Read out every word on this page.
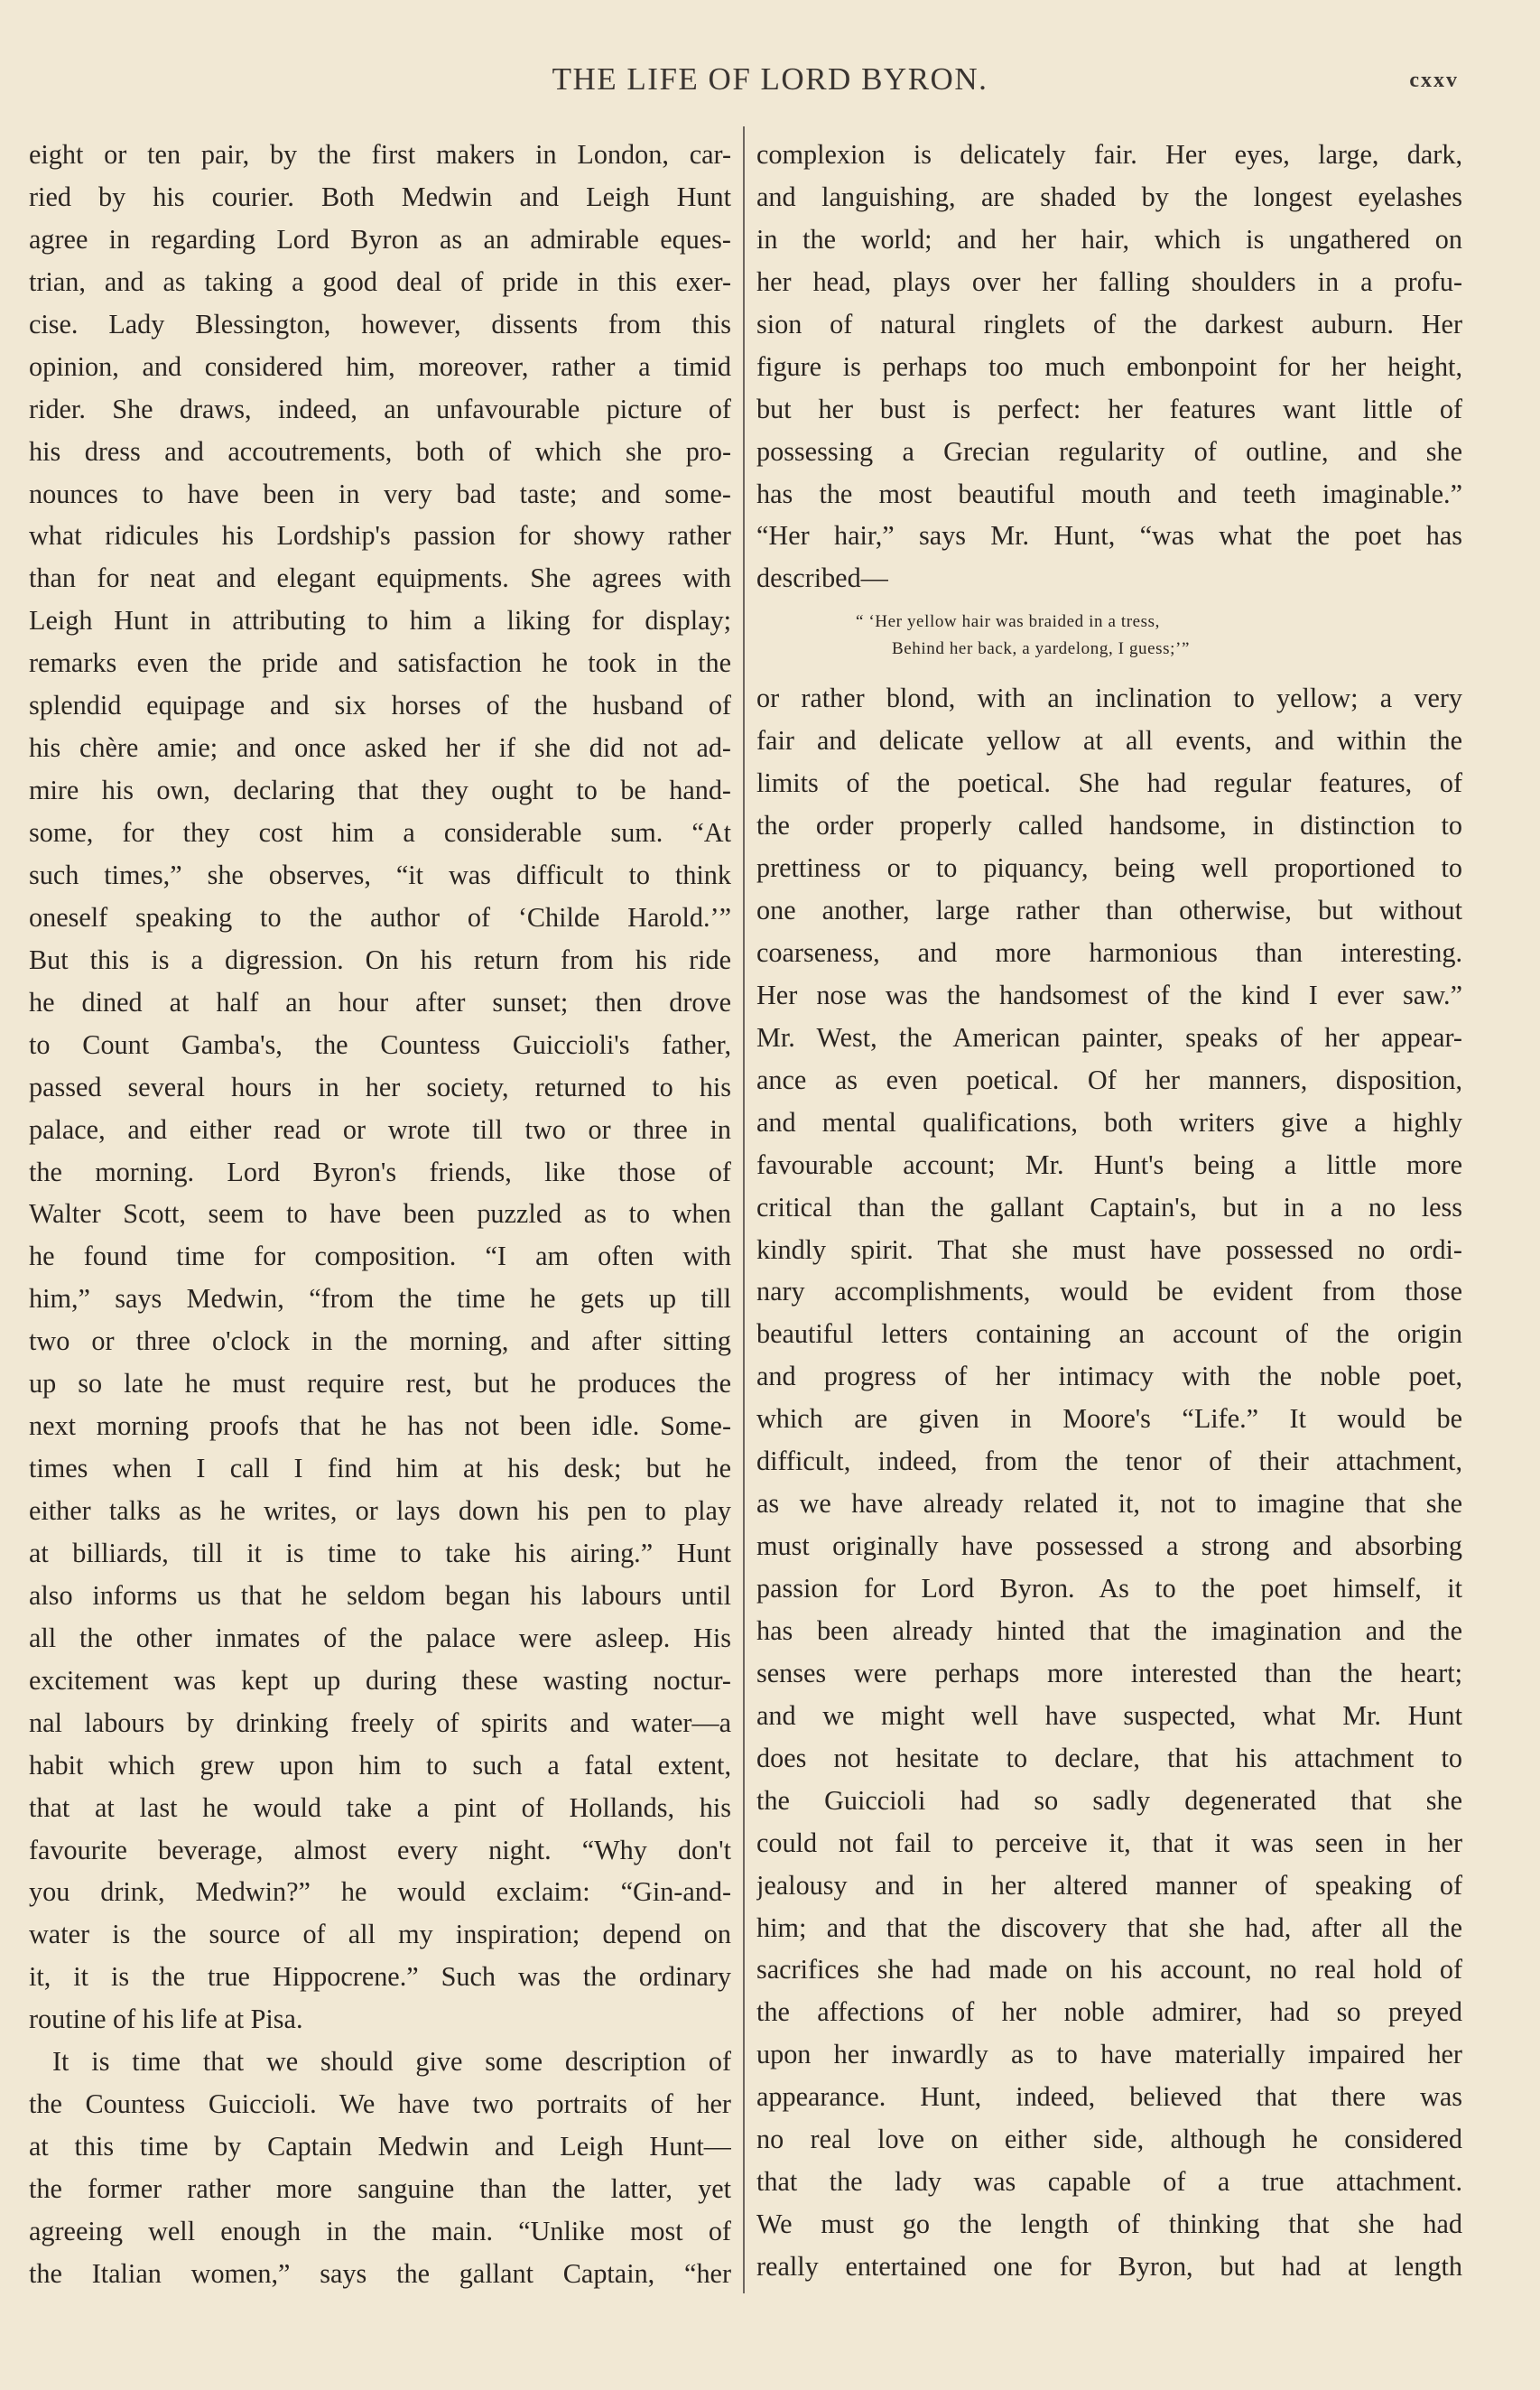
THE LIFE OF LORD BYRON.	cxxv
eight or ten pair, by the first makers in London, car-
ried by his courier. Both Medwin and Leigh Hunt
agree in regarding Lord Byron as an admirable eques-
trian, and as taking a good deal of pride in this exer-
cise. Lady Blessington, however, dissents from this
opinion, and considered him, moreover, rather a timid
rider. She draws, indeed, an unfavourable picture of
his dress and accoutrements, both of which she pro-
nounces to have been in very bad taste; and some-
what ridicules his Lordship's passion for showy rather
than for neat and elegant equipments. She agrees with
Leigh Hunt in attributing to him a liking for display;
remarks even the pride and satisfaction he took in the
splendid equipage and six horses of the husband of
his chère amie; and once asked her if she did not ad-
mire his own, declaring that they ought to be hand-
some, for they cost him a considerable sum. “At
such times,” she observes, “it was difficult to think
oneself speaking to the author of ‘Childe Harold.’”
But this is a digression. On his return from his ride
he dined at half an hour after sunset; then drove
to Count Gamba's, the Countess Guiccioli's father,
passed several hours in her society, returned to his
palace, and either read or wrote till two or three in
the morning. Lord Byron's friends, like those of
Walter Scott, seem to have been puzzled as to when
he found time for composition. “I am often with
him,” says Medwin, “from the time he gets up till
two or three o'clock in the morning, and after sitting
up so late he must require rest, but he produces the
next morning proofs that he has not been idle. Some-
times when I call I find him at his desk; but he
either talks as he writes, or lays down his pen to play
at billiards, till it is time to take his airing.” Hunt
also informs us that he seldom began his labours until
all the other inmates of the palace were asleep. His
excitement was kept up during these wasting noctur-
nal labours by drinking freely of spirits and water—a
habit which grew upon him to such a fatal extent,
that at last he would take a pint of Hollands, his
favourite beverage, almost every night. “Why don't
you drink, Medwin?” he would exclaim: “Gin-and-
water is the source of all my inspiration; depend on
it, it is the true Hippocrene.” Such was the ordinary
routine of his life at Pisa.
It is time that we should give some description of
the Countess Guiccioli. We have two portraits of her
at this time by Captain Medwin and Leigh Hunt—
the former rather more sanguine than the latter, yet
agreeing well enough in the main. “Unlike most of
the Italian women,” says the gallant Captain, “her
complexion is delicately fair. Her eyes, large, dark,
and languishing, are shaded by the longest eyelashes
in the world; and her hair, which is ungathered on
her head, plays over her falling shoulders in a profu-
sion of natural ringlets of the darkest auburn. Her
figure is perhaps too much embonpoint for her height,
but her bust is perfect: her features want little of
possessing a Grecian regularity of outline, and she
has the most beautiful mouth and teeth imaginable.”
“Her hair,” says Mr. Hunt, “was what the poet has
described—
“ ‘Her yellow hair was braided in a tress,
Behind her back, a yardelong, I guess;’”
or rather blond, with an inclination to yellow; a very
fair and delicate yellow at all events, and within the
limits of the poetical. She had regular features, of
the order properly called handsome, in distinction to
prettiness or to piquancy, being well proportioned to
one another, large rather than otherwise, but without
coarseness, and more harmonious than interesting.
Her nose was the handsomest of the kind I ever saw.”
Mr. West, the American painter, speaks of her appear-
ance as even poetical. Of her manners, disposition,
and mental qualifications, both writers give a highly
favourable account; Mr. Hunt's being a little more
critical than the gallant Captain's, but in a no less
kindly spirit. That she must have possessed no ordi-
nary accomplishments, would be evident from those
beautiful letters containing an account of the origin
and progress of her intimacy with the noble poet,
which are given in Moore's “Life.” It would be
difficult, indeed, from the tenor of their attachment,
as we have already related it, not to imagine that she
must originally have possessed a strong and absorbing
passion for Lord Byron. As to the poet himself, it
has been already hinted that the imagination and the
senses were perhaps more interested than the heart;
and we might well have suspected, what Mr. Hunt
does not hesitate to declare, that his attachment to
the Guiccioli had so sadly degenerated that she
could not fail to perceive it, that it was seen in her
jealousy and in her altered manner of speaking of
him; and that the discovery that she had, after all the
sacrifices she had made on his account, no real hold of
the affections of her noble admirer, had so preyed
upon her inwardly as to have materially impaired her
appearance. Hunt, indeed, believed that there was
no real love on either side, although he considered
that the lady was capable of a true attachment.
We must go the length of thinking that she had
really entertained one for Byron, but had at length
